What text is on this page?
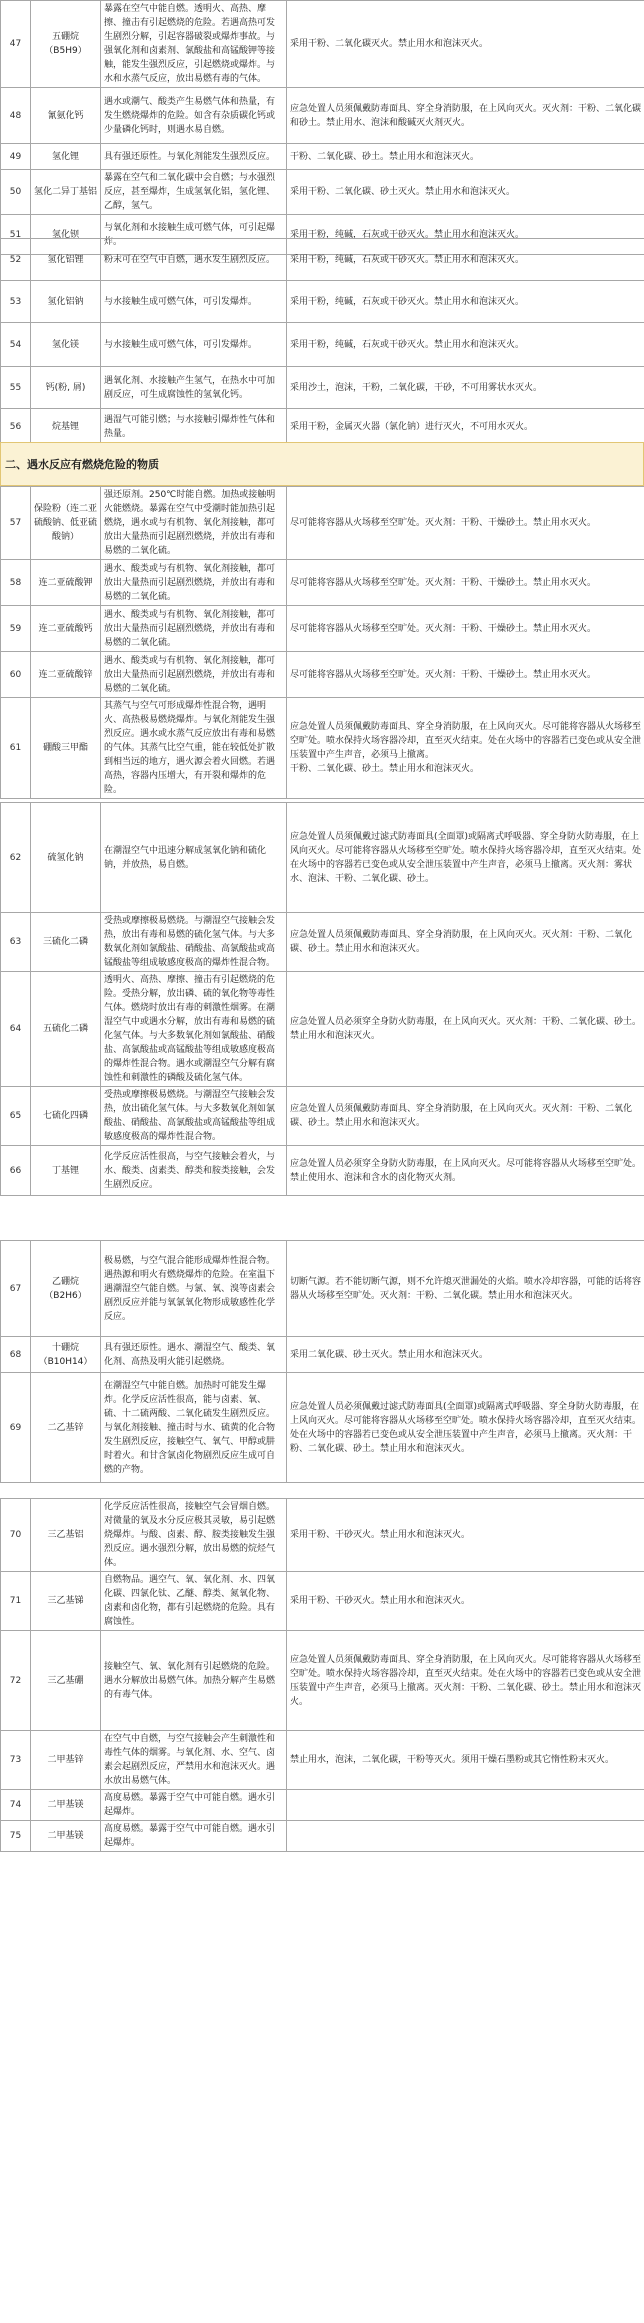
47	五硼烷（B5H9）	暴露在空气中能自燃。透明火、高热、摩擦、撞击有引起燃烧的危险。若遇高热可发生剧烈分解，引起容器破裂或爆炸事故。与强氧化剂和卤素剂、氯酸盐和高锰酸钾等接触，能发生强烈反应，引起燃烧或爆炸。与水和水蒸气反应，放出易燃有毒的气体。	采用干粉、二氧化碳灭火。禁止用水和泡沫灭火。
48	氰氨化钙	遇水或潮气、酸类产生易燃气体和热量，有发生燃烧爆炸的危险。如含有杂质碳化钙或少量磷化钙时，则遇水易自燃。	应急处置人员须佩戴防毒面具、穿全身消防服，在上风向灭火。灭火剂：干粉、二氧化碳和砂土。禁止用水、泡沫和酸碱灭火剂灭火。
49	氢化锂	具有强还原性。与氧化剂能发生强烈反应。	干粉、二氧化碳、砂土。禁止用水和泡沫灭火。
50	氢化二异丁基铝	暴露在空气和二氧化碳中会自燃；与水强烈反应，甚至爆炸，生成氢氧化铝，氢化锂、乙醇，氢气。	采用干粉、二氧化碳、砂土灭火。禁止用水和泡沫灭火。
51	氢化钡	与氧化剂和水接触生成可燃气体，可引起爆炸。	采用干粉，纯碱，石灰或干砂灭火。禁止用水和泡沫灭火。
52	氢化铝锂	粉末可在空气中自燃，遇水发生剧烈反应。	采用干粉，纯碱，石灰或干砂灭火。禁止用水和泡沫灭火。
53	氢化铝钠	与水接触生成可燃气体，可引发爆炸。	采用干粉，纯碱，石灰或干砂灭火。禁止用水和泡沫灭火。
54	氢化镁	与水接触生成可燃气体，可引发爆炸。	采用干粉，纯碱，石灰或干砂灭火。禁止用水和泡沫灭火。
55	钙(粉, 屑)	遇氧化剂、水接触产生氢气，在热水中可加剧反应，可生成腐蚀性的氢氧化钙。	采用沙土，泡沫，干粉，二氧化碳，干砂，不可用雾状水灭火。
56	烷基锂	遇湿气可能引燃；与水接触引爆炸性气体和热量。	采用干粉，金属灭火器（氯化钠）进行灭火，不可用水灭火。
二、遇水反应有燃烧危险的物质
57	保险粉（连二亚硫酸钠、低亚硫酸钠）	强还原剂。250℃时能自燃。加热或接触明火能燃烧。暴露在空气中受潮时能加热引起燃烧，遇水或与有机物、氧化剂接触，都可放出大量热而引起剧烈燃烧，并放出有毒和易燃的二氧化硫。	尽可能将容器从火场移至空旷处。灭火剂：干粉、干燥砂土。禁止用水灭火。
58	连二亚硫酸钾	遇水、酸类或与有机物、氧化剂接触，都可放出大量热而引起剧烈燃烧，并放出有毒和易燃的二氧化硫。	尽可能将容器从火场移至空旷处。灭火剂：干粉、干燥砂土。禁止用水灭火。
59	连二亚硫酸钙	遇水、酸类或与有机物、氧化剂接触，都可放出大量热而引起剧烈燃烧，并放出有毒和易燃的二氧化硫。	尽可能将容器从火场移至空旷处。灭火剂：干粉、干燥砂土。禁止用水灭火。
60	连二亚硫酸锌	遇水、酸类或与有机物、氧化剂接触，都可放出大量热而引起剧烈燃烧，并放出有毒和易燃的二氧化硫。	尽可能将容器从火场移至空旷处。灭火剂：干粉、干燥砂土。禁止用水灭火。
61	硼酸三甲酯	其蒸气与空气可形成爆炸性混合物，遇明火、高热极易燃烧爆炸。与氧化剂能发生强烈反应。遇水或水蒸气反应放出有毒和易燃的气体。其蒸气比空气重，能在较低处扩散到相当远的地方，遇火源会着火回燃。若遇高热，容器内压增大，有开裂和爆炸的危险。	应急处置人员须佩戴防毒面具、穿全身消防服，在上风向灭火。尽可能将容器从火场移至空旷处。喷水保持火场容器冷却，直至灭火结束。处在火场中的容器若已变色或从安全泄压装置中产生声音，必须马上撤离。
干粉、二氧化碳、砂土。禁止用水和泡沫灭火。
62	硫氢化钠	在潮湿空气中迅速分解成氢氧化钠和硫化钠，并放热，易自燃。	应急处置人员须佩戴过滤式防毒面具(全面罩)或隔离式呼吸器、穿全身防火防毒服，在上风向灭火。尽可能将容器从火场移至空旷处。喷水保持火场容器冷却，直至灭火结束。处在火场中的容器若已变色或从安全泄压装置中产生声音，必须马上撤离。灭火剂：雾状水、泡沫、干粉、二氧化碳、砂土。
63	三硫化二磷	受热或摩擦极易燃烧。与潮湿空气接触会发热，放出有毒和易燃的硫化氢气体。与大多数氧化剂如氯酸盐、硝酸盐、高氯酸盐或高锰酸盐等组成敏感度极高的爆炸性混合物。	应急处置人员须佩戴防毒面具、穿全身消防服，在上风向灭火。灭火剂：干粉、二氧化碳、砂土。禁止用水和泡沫灭火。
64	五硫化二磷	透明火、高热、摩擦、撞击有引起燃烧的危险。受热分解，放出磷、硫的氧化物等毒性气体。燃烧时放出有毒的刺激性烟雾。在潮湿空气中或遇水分解，放出有毒和易燃的硫化氢气体。与大多数氧化剂如氯酸盐、硝酸盐、高氯酸盐或高锰酸盐等组成敏感度极高的爆炸性混合物。遇水或潮湿空气分解有腐蚀性和刺激性的磷酸及硫化氢气体。	应急处置人员必须穿全身防火防毒服，在上风向灭火。灭火剂：干粉、二氧化碳、砂土。禁止用水和泡沫灭火。
65	七硫化四磷	受热或摩擦极易燃烧。与潮湿空气接触会发热，放出硫化氢气体。与大多数氧化剂如氯酸盐、硝酸盐、高氯酸盐或高锰酸盐等组成敏感度极高的爆炸性混合物。	应急处置人员须佩戴防毒面具、穿全身消防服，在上风向灭火。灭火剂：干粉、二氧化碳、砂土。禁止用水和泡沫灭火。
66	丁基锂	化学反应活性很高，与空气接触会着火，与水、酸类、卤素类、醇类和胺类接触，会发生剧烈反应。	应急处置人员必须穿全身防火防毒服，在上风向灭火。尽可能将容器从火场移至空旷处。禁止使用水、泡沫和含水的卤化物灭火剂。
67	乙硼烷（B2H6）	极易燃，与空气混合能形成爆炸性混合物。遇热源和明火有燃烧爆炸的危险。在室温下遇潮湿空气能自燃。与氯、氧、溴等卤素会剧烈反应并能与氧氯氧化物形成敏感性化学反应。	切断气源。若不能切断气源，则不允许熄灭泄漏处的火焰。喷水冷却容器，可能的话将容器从火场移至空旷处。灭火剂：干粉、二氧化碳。禁止用水和泡沫灭火。
68	十硼烷（B10H14）	具有强还原性。遇水、潮湿空气、酸类、氧化剂、高热及明火能引起燃烧。	采用二氧化碳、砂土灭火。禁止用水和泡沫灭火。
69	二乙基锌	在潮湿空气中能自燃。加热时可能发生爆炸。化学反应活性很高，能与卤素、氧、硫、十二硫两酸、二氧化硫发生剧烈反应。与氧化剂接触、撞击时与水、硫黄的化合物发生剧烈反应，接触空气、氧气、甲醇或肼时着火。和甘含氯卤化物剧烈反应生成可自燃的产物。	应急处置人员必须佩戴过滤式防毒面具(全面罩)或隔离式呼吸器、穿全身防火防毒服，在上风向灭火。尽可能将容器从火场移至空旷处。喷水保持火场容器冷却，直至灭火结束。处在火场中的容器若已变色或从安全泄压装置中产生声音，必须马上撤离。灭火剂：干粉、二氧化碳、砂土。禁止用水和泡沫灭火。
70	三乙基铝	化学反应活性很高，接触空气会冒烟自燃。对微量的氧及水分反应极其灵敏，易引起燃烧爆炸。与酸、卤素、醇、胺类接触发生强烈反应。遇水强烈分解，放出易燃的烷烃气体。	采用干粉、干砂灭火。禁止用水和泡沫灭火。
71	三乙基锑	自燃物品。遇空气、氧、氧化剂、水、四氧化碳、四氯化钛、乙醚、醇类、氮氧化物、卤素和卤化物，都有引起燃烧的危险。具有腐蚀性。	采用干粉、干砂灭火。禁止用水和泡沫灭火。
72	三乙基硼	接触空气、氧、氧化剂有引起燃烧的危险。遇水分解放出易燃气体。加热分解产生易燃的有毒气体。	应急处置人员须佩戴防毒面具、穿全身消防服，在上风向灭火。尽可能将容器从火场移至空旷处。喷水保持火场容器冷却，直至灭火结束。处在火场中的容器若已变色或从安全泄压装置中产生声音，必须马上撤离。灭火剂：干粉、二氧化碳、砂土。禁止用水和泡沫灭火。
73	二甲基锌	在空气中自燃，与空气接触会产生刺激性和毒性气体的烟雾。与氧化剂、水、空气、卤素会起剧烈反应，严禁用水和泡沫灭火。遇水放出易燃气体。	禁止用水，泡沫，二氧化碳，干粉等灭火。须用干燥石墨粉或其它惰性粉末灭火。
74	二甲基镁	高度易燃。暴露于空气中可能自燃。遇水引起爆炸。	
75	二甲基镁	高度易燃。暴露于空气中可能自燃。遇水引起爆炸。	
